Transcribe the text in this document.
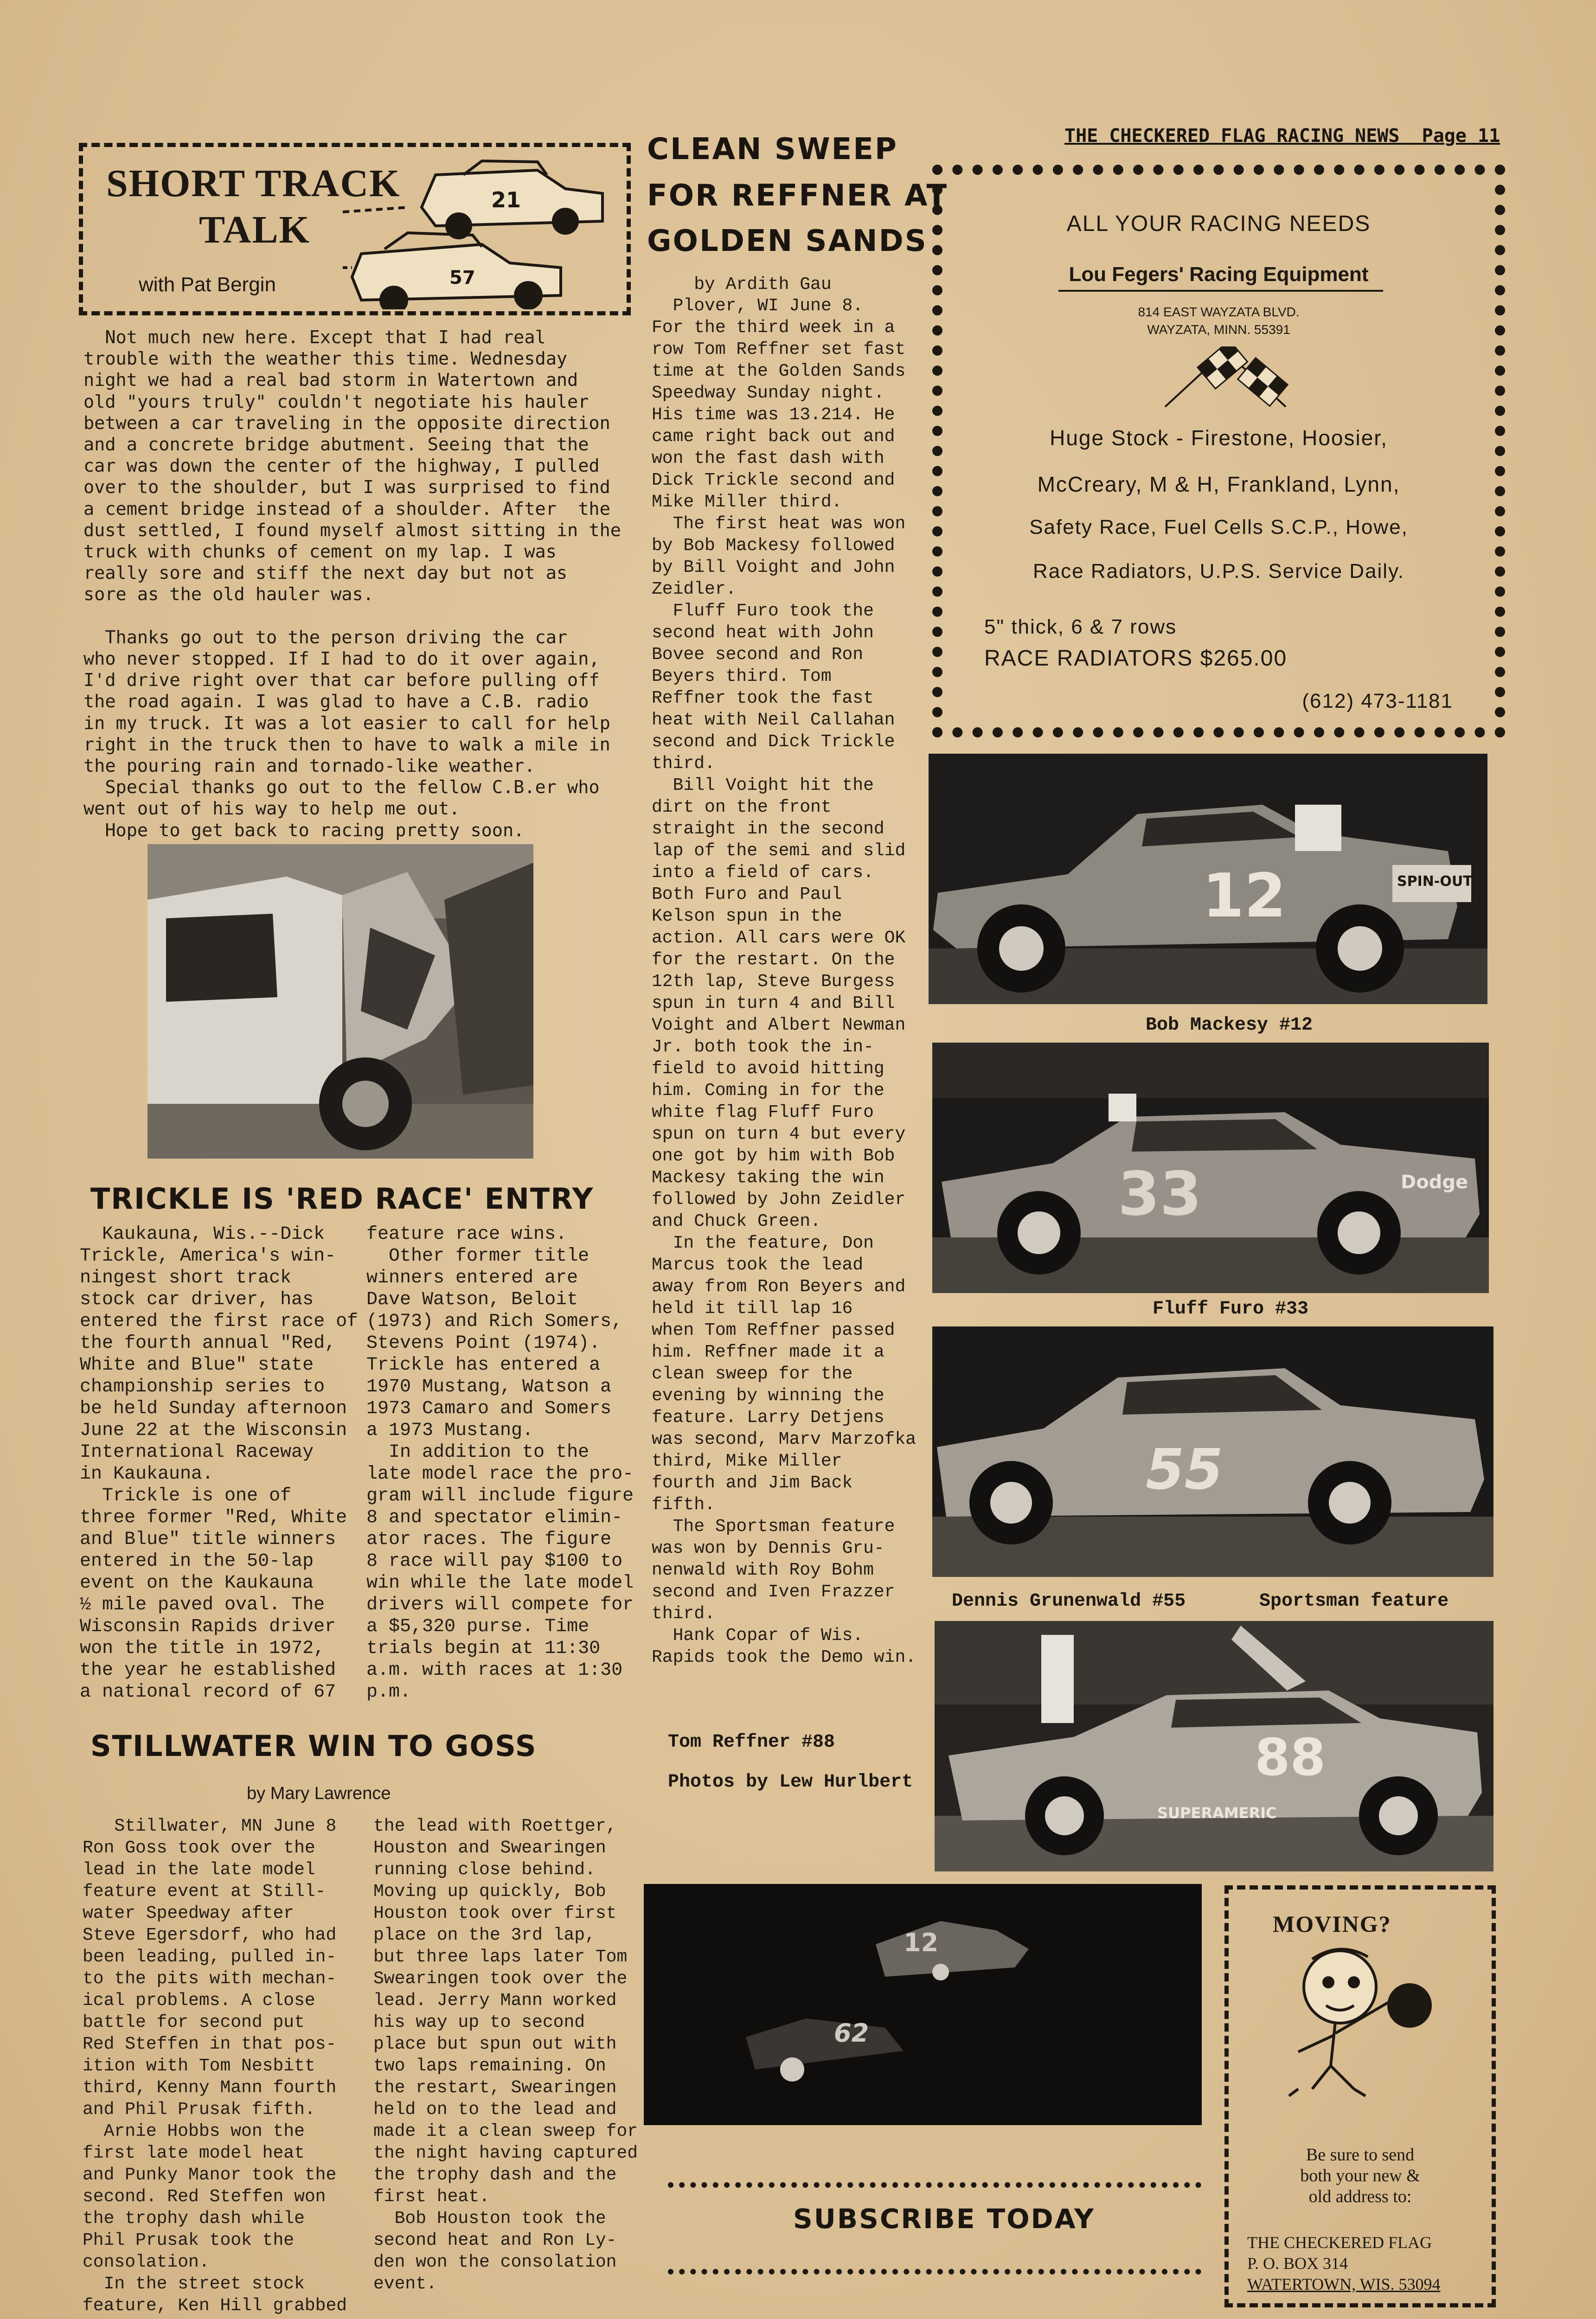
THE CHECKERED FLAG RACING NEWS  Page 11
SHORT TRACK
TALK
with Pat Bergin
21
57
Not much new here. Except that I had real
trouble with the weather this time. Wednesday
night we had a real bad storm in Watertown and
old "yours truly" couldn't negotiate his hauler
between a car traveling in the opposite direction
and a concrete bridge abutment. Seeing that the
car was down the center of the highway, I pulled
over to the shoulder, but I was surprised to find
a cement bridge instead of a shoulder. After  the
dust settled, I found myself almost sitting in the
truck with chunks of cement on my lap. I was
really sore and stiff the next day but not as
sore as the old hauler was.

Thanks go out to the person driving the car
who never stopped. If I had to do it over again,
I'd drive right over that car before pulling off
the road again. I was glad to have a C.B. radio
in my truck. It was a lot easier to call for help
right in the truck then to have to walk a mile in
the pouring rain and tornado-like weather.
Special thanks go out to the fellow C.B.er who
went out of his way to help me out.
Hope to get back to racing pretty soon.
TRICKLE IS 'RED RACE' ENTRY
Kaukauna, Wis.--Dick
Trickle, America's win-
ningest short track
stock car driver, has
entered the first race of
the fourth annual "Red,
White and Blue" state
championship series to
be held Sunday afternoon
June 22 at the Wisconsin
International Raceway
in Kaukauna.
Trickle is one of
three former "Red, White
and Blue" title winners
entered in the 50-lap
event on the Kaukauna
½ mile paved oval. The
Wisconsin Rapids driver
won the title in 1972,
the year he established
a national record of 67
feature race wins.
Other former title
winners entered are
Dave Watson, Beloit
(1973) and Rich Somers,
Stevens Point (1974).
Trickle has entered a
1970 Mustang, Watson a
1973 Camaro and Somers
a 1973 Mustang.
In addition to the
late model race the pro-
gram will include figure
8 and spectator elimin-
ator races. The figure
8 race will pay $100 to
win while the late model
drivers will compete for
a $5,320 purse. Time
trials begin at 11:30
a.m. with races at 1:30
p.m.
STILLWATER WIN TO GOSS
by Mary Lawrence
Stillwater, MN June 8
Ron Goss took over the
lead in the late model
feature event at Still-
water Speedway after
Steve Egersdorf, who had
been leading, pulled in-
to the pits with mechan-
ical problems. A close
battle for second put
Red Steffen in that pos-
ition with Tom Nesbitt
third, Kenny Mann fourth
and Phil Prusak fifth.
Arnie Hobbs won the
first late model heat
and Punky Manor took the
second. Red Steffen won
the trophy dash while
Phil Prusak took the
consolation.
In the street stock
feature, Ken Hill grabbed
the lead with Roettger,
Houston and Swearingen
running close behind.
Moving up quickly, Bob
Houston took over first
place on the 3rd lap,
but three laps later Tom
Swearingen took over the
lead. Jerry Mann worked
his way up to second
place but spun out with
two laps remaining. On
the restart, Swearingen
held on to the lead and
made it a clean sweep for
the night having captured
the trophy dash and the
first heat.
Bob Houston took the
second heat and Ron Ly-
den won the consolation
event.
CLEAN SWEEP
FOR REFFNER AT
GOLDEN SANDS
by Ardith Gau
Plover, WI June 8.
For the third week in a
row Tom Reffner set fast
time at the Golden Sands
Speedway Sunday night.
His time was 13.214. He
came right back out and
won the fast dash with
Dick Trickle second and
Mike Miller third.
The first heat was won
by Bob Mackesy followed
by Bill Voight and John
Zeidler.
Fluff Furo took the
second heat with John
Bovee second and Ron
Beyers third. Tom
Reffner took the fast
heat with Neil Callahan
second and Dick Trickle
third.
Bill Voight hit the
dirt on the front
straight in the second
lap of the semi and slid
into a field of cars.
Both Furo and Paul
Kelson spun in the
action. All cars were OK
for the restart. On the
12th lap, Steve Burgess
spun in turn 4 and Bill
Voight and Albert Newman
Jr. both took the in-
field to avoid hitting
him. Coming in for the
white flag Fluff Furo
spun on turn 4 but every
one got by him with Bob
Mackesy taking the win
followed by John Zeidler
and Chuck Green.
In the feature, Don
Marcus took the lead
away from Ron Beyers and
held it till lap 16
when Tom Reffner passed
him. Reffner made it a
clean sweep for the
evening by winning the
feature. Larry Detjens
was second, Marv Marzofka
third, Mike Miller
fourth and Jim Back
fifth.
The Sportsman feature
was won by Dennis Gru-
nenwald with Roy Bohm
second and Iven Frazzer
third.
Hank Copar of Wis.
Rapids took the Demo win.
ALL YOUR RACING NEEDS
Lou Fegers' Racing Equipment
814 EAST WAYZATA BLVD.
WAYZATA, MINN. 55391
Huge Stock - Firestone, Hoosier,
McCreary, M & H, Frankland, Lynn,
Safety Race, Fuel Cells S.C.P., Howe,
Race Radiators, U.P.S. Service Daily.
5" thick, 6 & 7 rows
RACE RADIATORS $265.00
(612) 473-1181
12	SPIN-OUT
Bob Mackesy #12
33	Dodge
Fluff Furo #33
55
Dennis Grunenwald #55	Sportsman feature
88
SUPERAMERIC
Tom Reffner #88
Photos by Lew Hurlbert
12
62
SUBSCRIBE TODAY
MOVING?
Be sure to send
both your new &
old address to:
THE CHECKERED FLAG
P. O. BOX 314
WATERTOWN, WIS. 53094
